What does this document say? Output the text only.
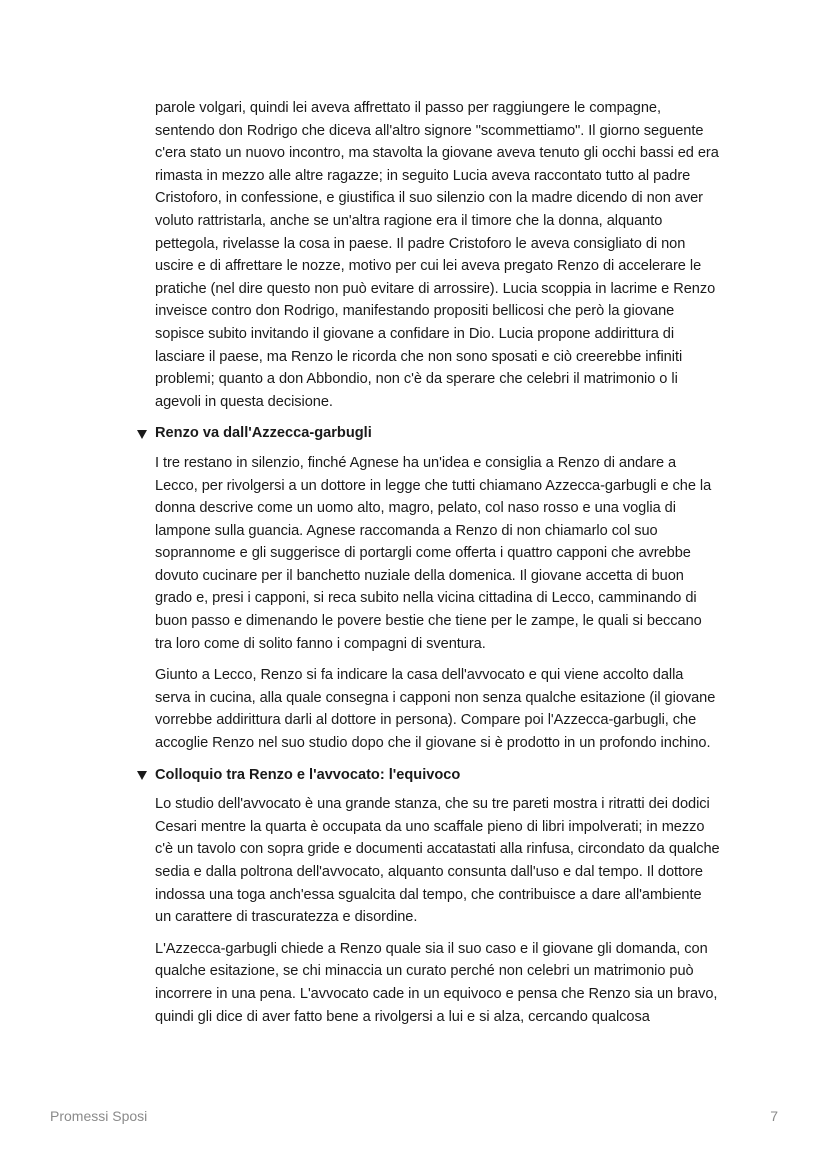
parole volgari, quindi lei aveva affrettato il passo per raggiungere le compagne, sentendo don Rodrigo che diceva all'altro signore "scommettiamo". Il giorno seguente c'era stato un nuovo incontro, ma stavolta la giovane aveva tenuto gli occhi bassi ed era rimasta in mezzo alle altre ragazze; in seguito Lucia aveva raccontato tutto al padre Cristoforo, in confessione, e giustifica il suo silenzio con la madre dicendo di non aver voluto rattristarla, anche se un'altra ragione era il timore che la donna, alquanto pettegola, rivelasse la cosa in paese. Il padre Cristoforo le aveva consigliato di non uscire e di affrettare le nozze, motivo per cui lei aveva pregato Renzo di accelerare le pratiche (nel dire questo non può evitare di arrossire). Lucia scoppia in lacrime e Renzo inveisce contro don Rodrigo, manifestando propositi bellicosi che però la giovane sopisce subito invitando il giovane a confidare in Dio. Lucia propone addirittura di lasciare il paese, ma Renzo le ricorda che non sono sposati e ciò creerebbe infiniti problemi; quanto a don Abbondio, non c'è da sperare che celebri il matrimonio o li agevoli in questa decisione.

Renzo va dall'Azzecca-garbugli

I tre restano in silenzio, finché Agnese ha un'idea e consiglia a Renzo di andare a Lecco, per rivolgersi a un dottore in legge che tutti chiamano Azzecca-garbugli e che la donna descrive come un uomo alto, magro, pelato, col naso rosso e una voglia di lampone sulla guancia. Agnese raccomanda a Renzo di non chiamarlo col suo soprannome e gli suggerisce di portargli come offerta i quattro capponi che avrebbe dovuto cucinare per il banchetto nuziale della domenica. Il giovane accetta di buon grado e, presi i capponi, si reca subito nella vicina cittadina di Lecco, camminando di buon passo e dimenando le povere bestie che tiene per le zampe, le quali si beccano tra loro come di solito fanno i compagni di sventura.

Giunto a Lecco, Renzo si fa indicare la casa dell'avvocato e qui viene accolto dalla serva in cucina, alla quale consegna i capponi non senza qualche esitazione (il giovane vorrebbe addirittura darli al dottore in persona). Compare poi l'Azzecca-garbugli, che accoglie Renzo nel suo studio dopo che il giovane si è prodotto in un profondo inchino.

Colloquio tra Renzo e l'avvocato: l'equivoco

Lo studio dell'avvocato è una grande stanza, che su tre pareti mostra i ritratti dei dodici Cesari mentre la quarta è occupata da uno scaffale pieno di libri impolverati; in mezzo c'è un tavolo con sopra gride e documenti accatastati alla rinfusa, circondato da qualche sedia e dalla poltrona dell'avvocato, alquanto consunta dall'uso e dal tempo. Il dottore indossa una toga anch'essa sgualcita dal tempo, che contribuisce a dare all'ambiente un carattere di trascuratezza e disordine.

L'Azzecca-garbugli chiede a Renzo quale sia il suo caso e il giovane gli domanda, con qualche esitazione, se chi minaccia un curato perché non celebri un matrimonio può incorrere in una pena. L'avvocato cade in un equivoco e pensa che Renzo sia un bravo, quindi gli dice di aver fatto bene a rivolgersi a lui e si alza, cercando qualcosa

Promessi Sposi	7
